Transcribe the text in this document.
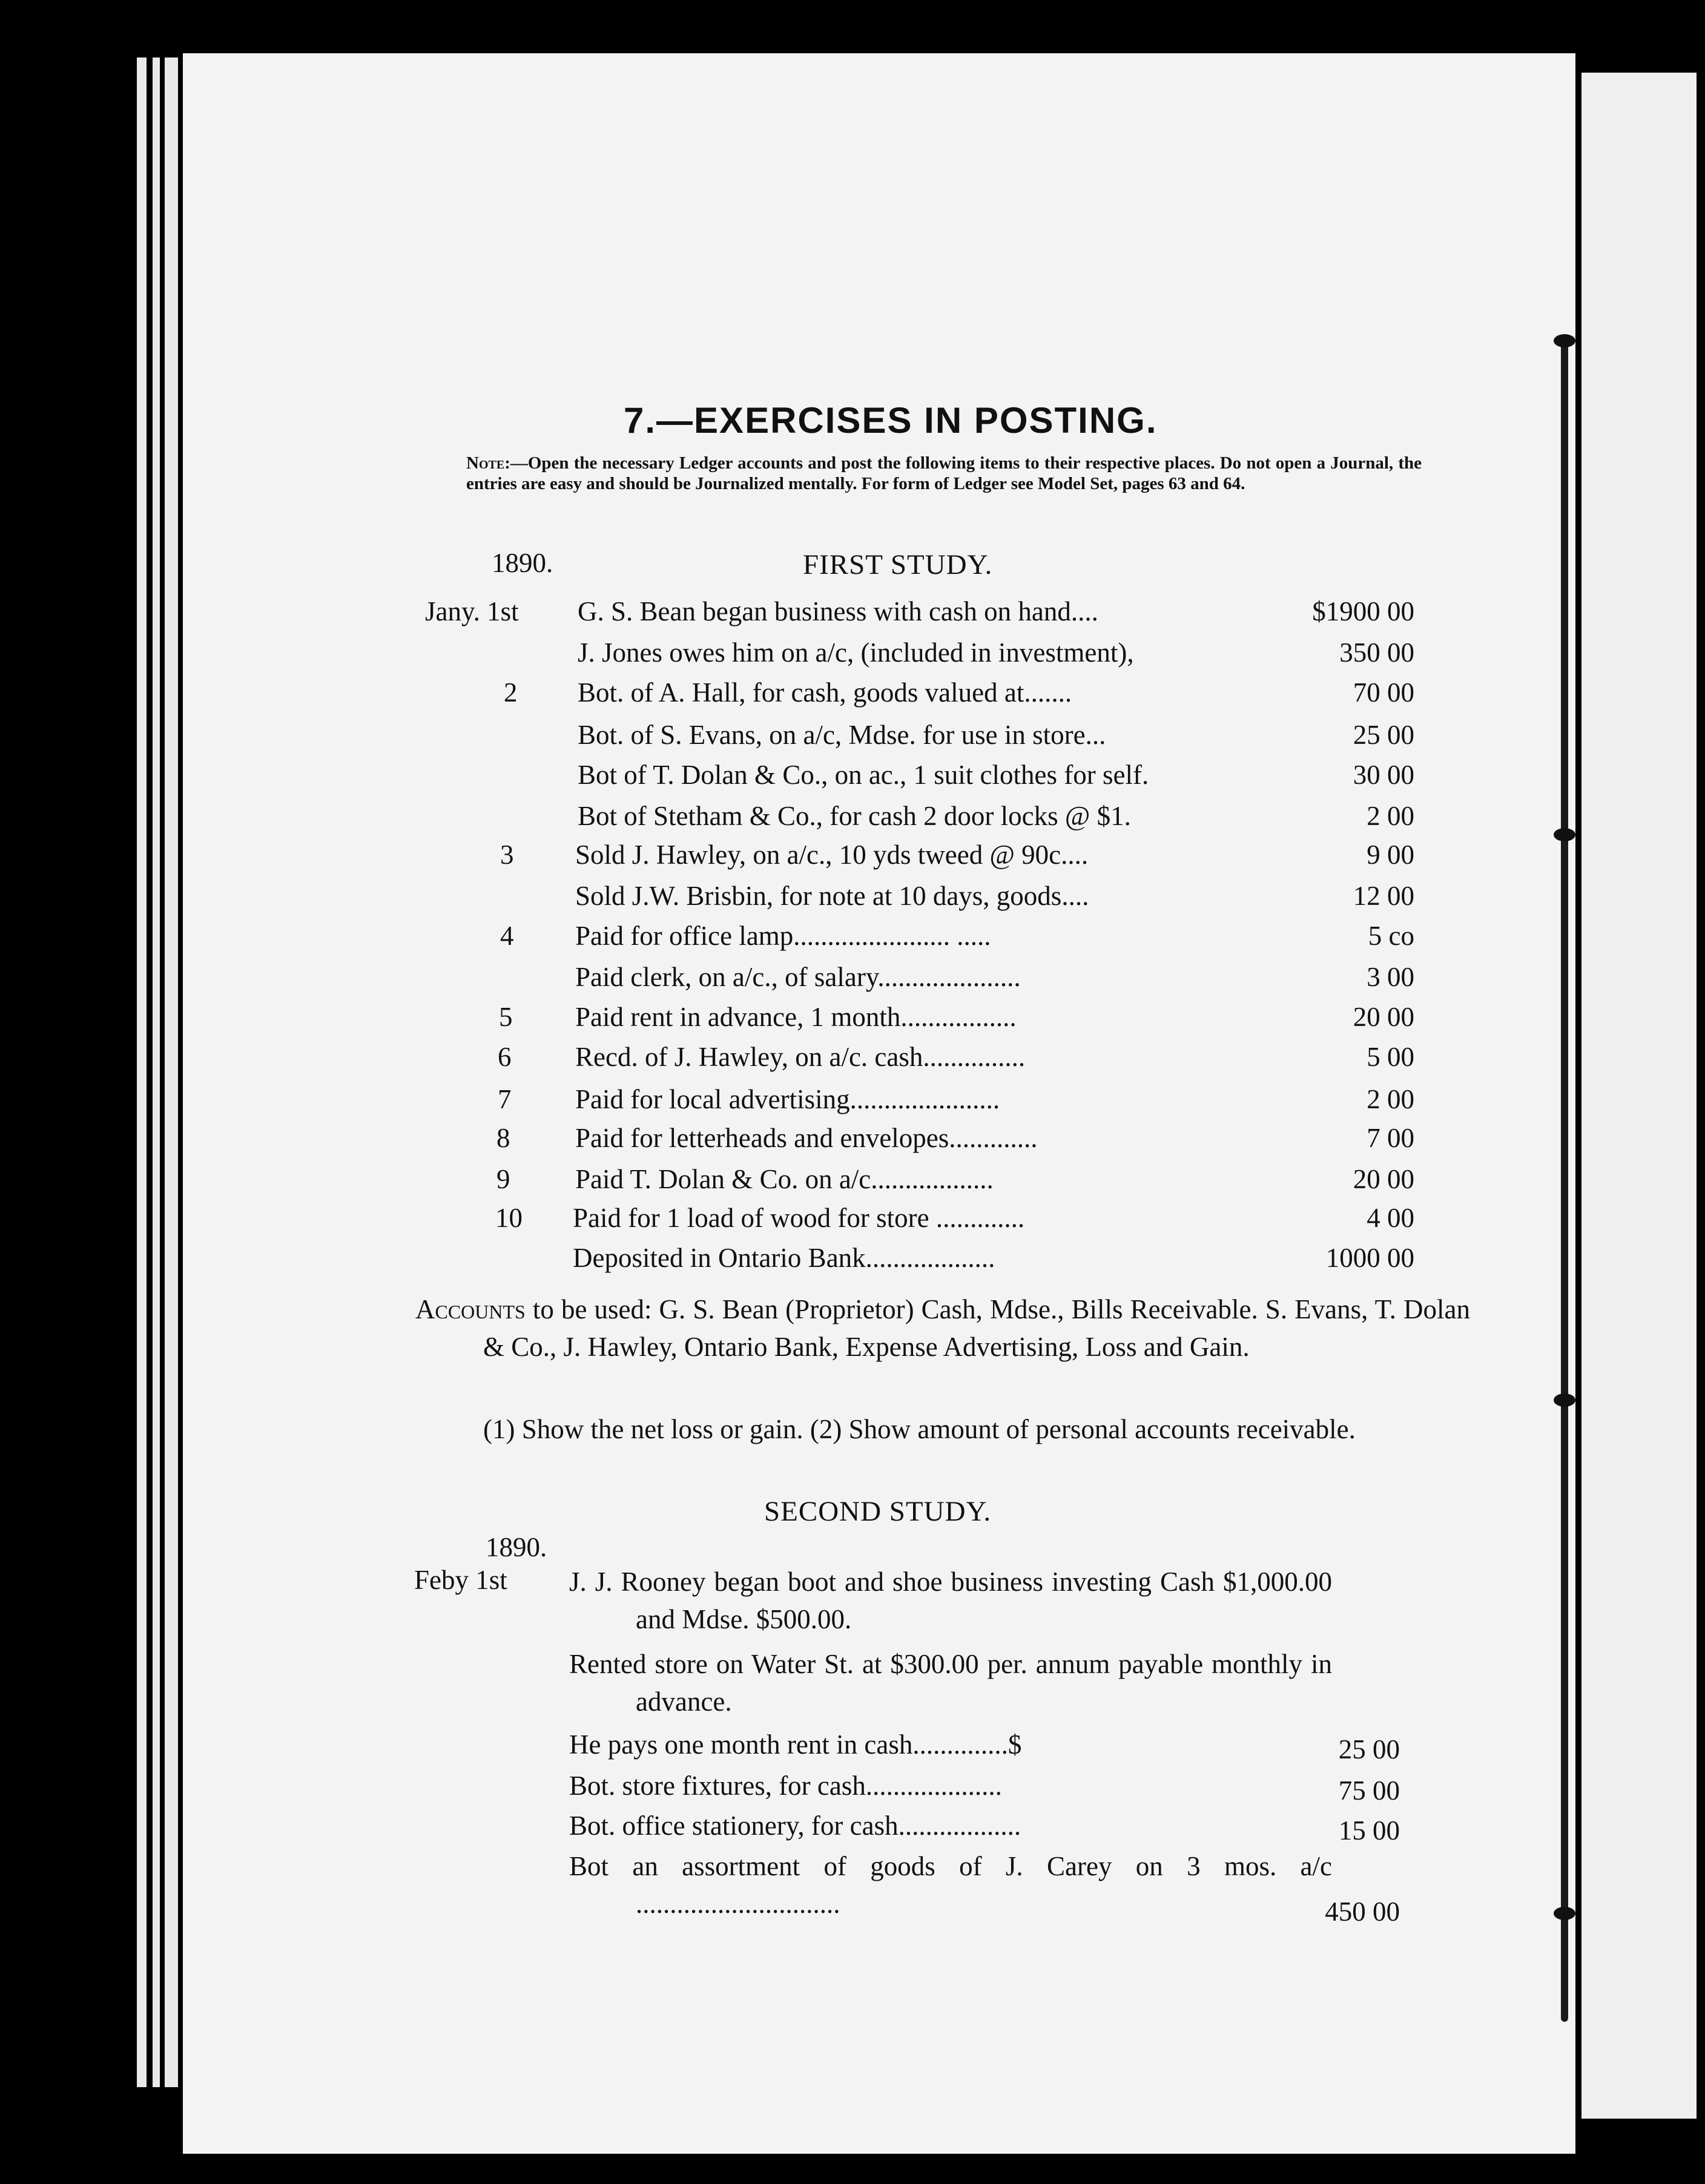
7.—EXERCISES IN POSTING.
Note:—Open the necessary Ledger accounts and post the following items to their respective places. Do not open a Journal, the entries are easy and should be Journalized mentally. For form of Ledger see Model Set, pages 63 and 64.
1890.	FIRST STUDY.
Jany. 1st G. S. Bean began business with cash on hand....	$1900 00
J. Jones owes him on a/c, (included in investment),	350 00
2 Bot. of A. Hall, for cash, goods valued at.......	70 00
Bot. of S. Evans, on a/c, Mdse. for use in store...	25 00
Bot of T. Dolan & Co., on ac., 1 suit clothes for self.	30 00
Bot of Stetham & Co., for cash 2 door locks @ $1.	2 00
3 Sold J. Hawley, on a/c., 10 yds tweed @ 90c....	9 00
Sold J.W. Brisbin, for note at 10 days, goods....	12 00
4 Paid for office lamp....................... .....	5 co
Paid clerk, on a/c., of salary.....................	3 00
5 Paid rent in advance, 1 month.................	20 00
6 Recd. of J. Hawley, on a/c. cash...............	5 00
7 Paid for local advertising......................	2 00
8 Paid for letterheads and envelopes.............	7 00
9 Paid T. Dolan & Co. on a/c..................	20 00
10 Paid for 1 load of wood for store .............	4 00
Deposited in Ontario Bank...................	1000 00
Accounts to be used: G. S. Bean (Proprietor) Cash, Mdse., Bills Receivable. S. Evans, T. Dolan & Co., J. Hawley, Ontario Bank, Expense Advertising, Loss and Gain.
(1) Show the net loss or gain. (2) Show amount of personal accounts receivable.
SECOND STUDY.
1890.
Feby 1st J. J. Rooney began boot and shoe business investing Cash $1,000.00 and Mdse. $500.00.
Rented store on Water St. at $300.00 per. annum payable monthly in advance.
He pays one month rent in cash..............$	25 00
Bot. store fixtures, for cash....................	75 00
Bot. office stationery, for cash..................	15 00
Bot an assortment of goods of J. Carey on 3 mos. a/c ..............................	450 00
